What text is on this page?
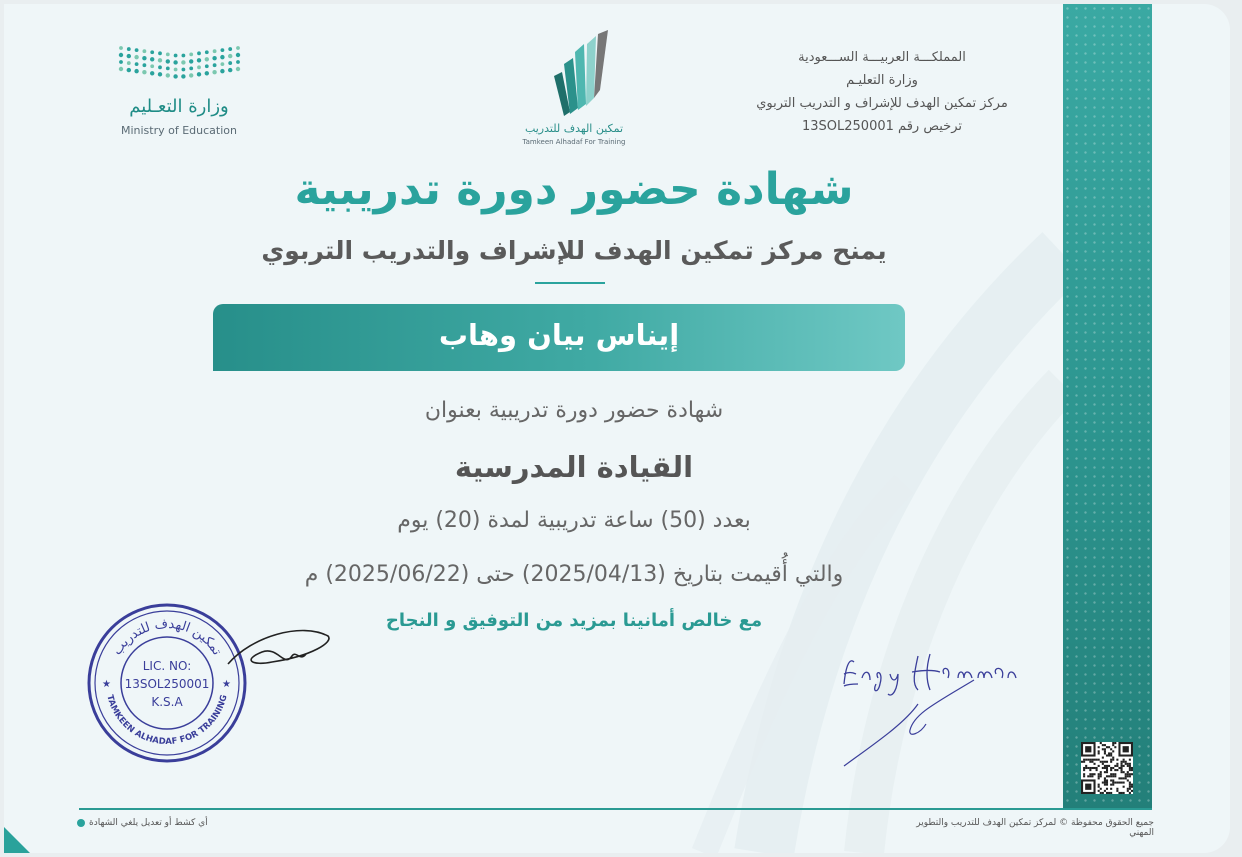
المملكـــة العربيـــة الســـعودية
وزارة التعليـم
مركز تمكين الهدف للإشراف و التدريب التربوي
ترخيص رقم 13SOL250001
تمكين الهدف للتدريب
Tamkeen Alhadaf For Training
وزارة التعـليم
Ministry of Education
شهادة حضور دورة تدريبية
يمنح مركز تمكين الهدف للإشراف والتدريب التربوي
إيناس بيان وهاب
شهادة حضور دورة تدريبية بعنوان
القيادة المدرسية
بعدد (50) ساعة تدريبية لمدة (20) يوم
والتي أُقيمت بتاريخ (2025/04/13) حتى (2025/06/22) م
مع خالص أمانينا بمزيد من التوفيق و النجاح
تمكين الهدف للتدريب
TAMKEEN ALHADAF FOR TRAINING
LIC. NO:
13SOL250001
K.S.A
★	★
أي كشط أو تعديل يلغي الشهادة	جميع الحقوق محفوظة © لمركز تمكين الهدف للتدريب والتطوير المهني
